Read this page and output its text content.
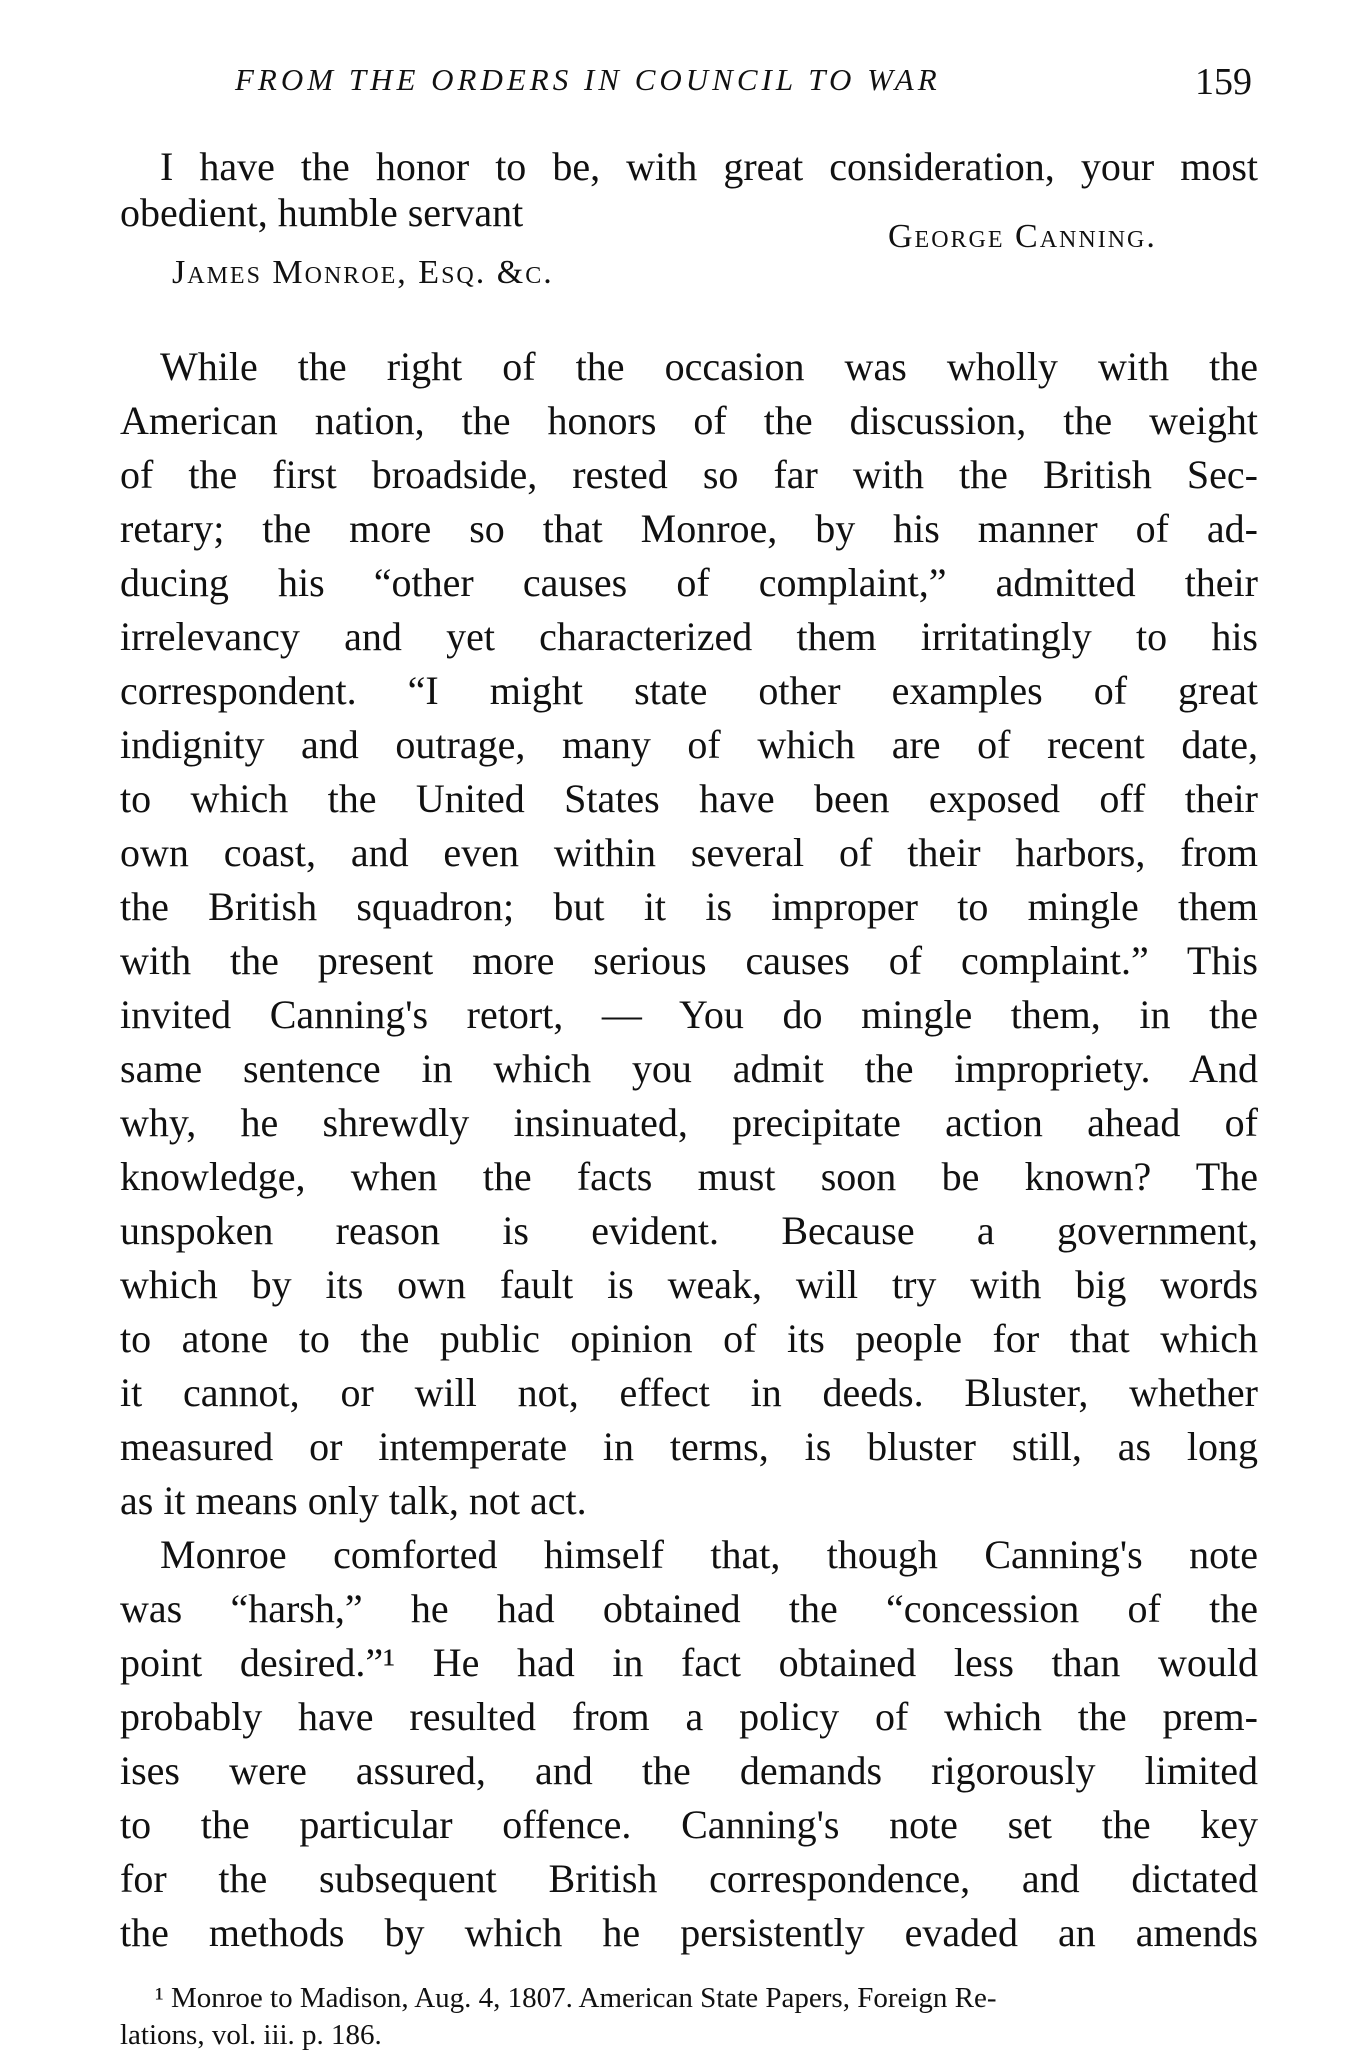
FROM THE ORDERS IN COUNCIL TO WAR	159
I have the honor to be, with great consideration, your most
obedient, humble servant
George Canning.
James Monroe, Esq. &c.
While the right of the occasion was wholly with the
American nation, the honors of the discussion, the weight
of the first broadside, rested so far with the British Sec-
retary; the more so that Monroe, by his manner of ad-
ducing his “other causes of complaint,” admitted their
irrelevancy and yet characterized them irritatingly to his
correspondent. “I might state other examples of great
indignity and outrage, many of which are of recent date,
to which the United States have been exposed off their
own coast, and even within several of their harbors, from
the British squadron; but it is improper to mingle them
with the present more serious causes of complaint.” This
invited Canning's retort, — You do mingle them, in the
same sentence in which you admit the impropriety. And
why, he shrewdly insinuated, precipitate action ahead of
knowledge, when the facts must soon be known? The
unspoken reason is evident. Because a government,
which by its own fault is weak, will try with big words
to atone to the public opinion of its people for that which
it cannot, or will not, effect in deeds. Bluster, whether
measured or intemperate in terms, is bluster still, as long
as it means only talk, not act.
Monroe comforted himself that, though Canning's note
was “harsh,” he had obtained the “concession of the
point desired.”¹ He had in fact obtained less than would
probably have resulted from a policy of which the prem-
ises were assured, and the demands rigorously limited
to the particular offence. Canning's note set the key
for the subsequent British correspondence, and dictated
the methods by which he persistently evaded an amends
¹ Monroe to Madison, Aug. 4, 1807. American State Papers, Foreign Re-
lations, vol. iii. p. 186.
